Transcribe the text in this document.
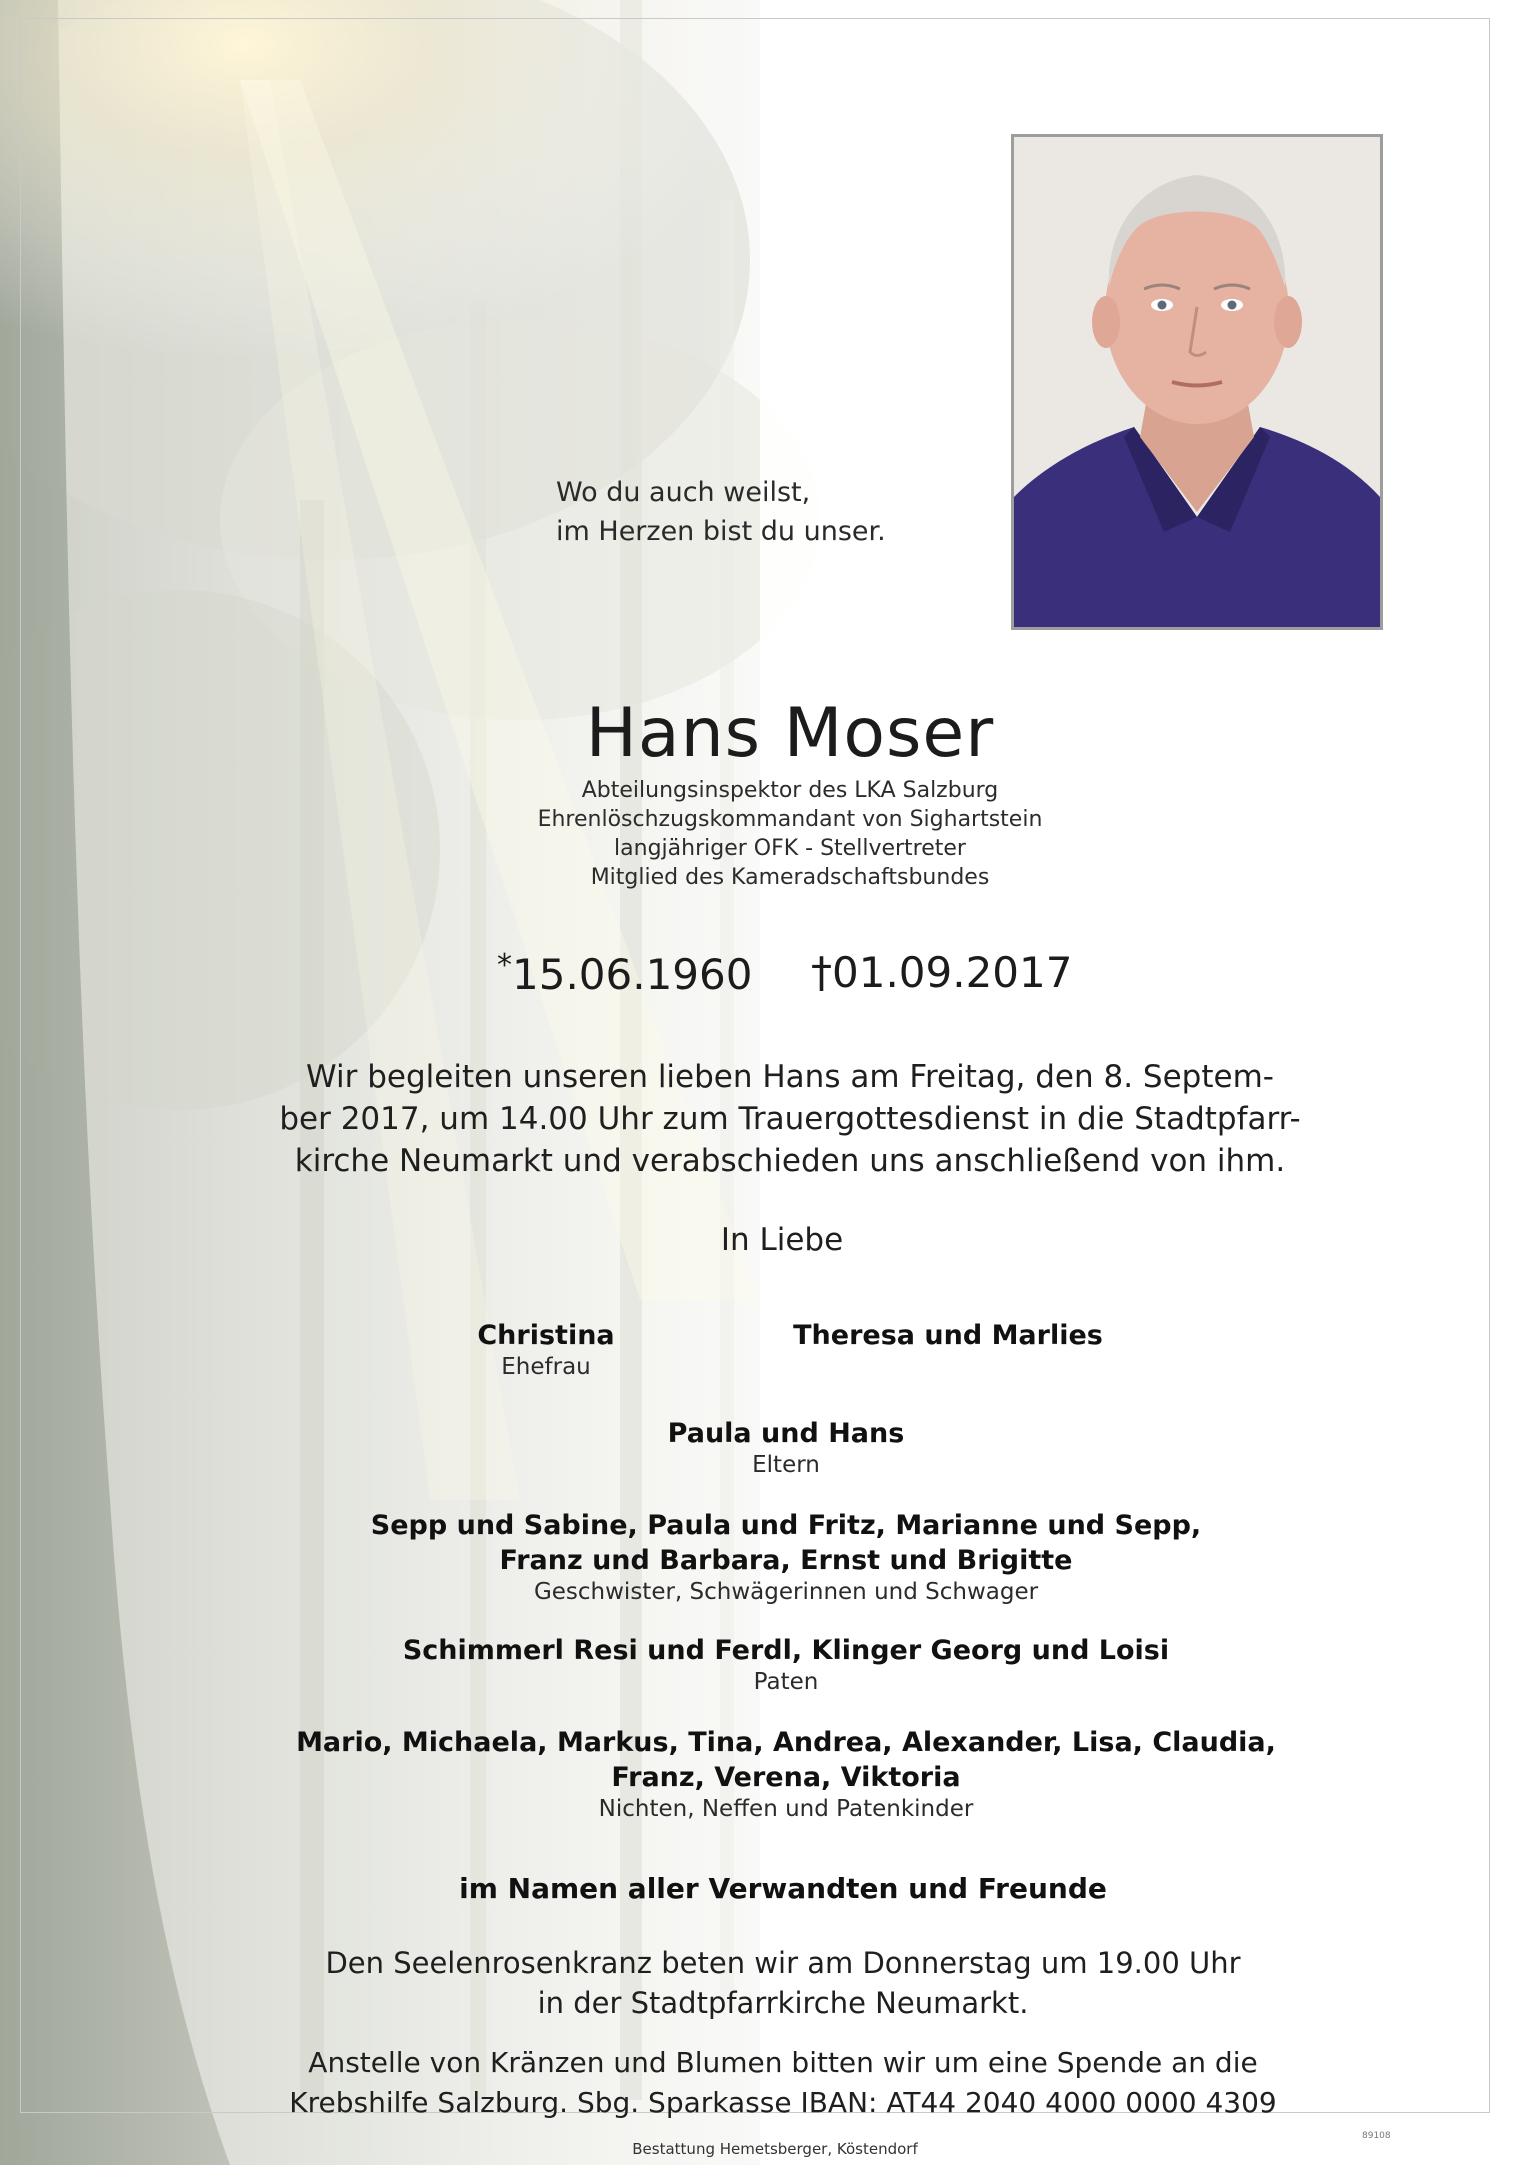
Wo du auch weilst,
im Herzen bist du unser.
Hans Moser
Abteilungsinspektor des LKA Salzburg
Ehrenlöschzugskommandant von Sighartstein
langjähriger OFK - Stellvertreter
Mitglied des Kameradschaftsbundes
*15.06.1960 †01.09.2017
Wir begleiten unseren lieben Hans am Freitag, den 8. Septem-
ber 2017, um 14.00 Uhr zum Trauergottesdienst in die Stadtpfarr-
kirche Neumarkt und verabschieden uns anschließend von ihm.
In Liebe
Christina
Ehefrau
Theresa und Marlies
Paula und Hans
Eltern
Sepp und Sabine, Paula und Fritz, Marianne und Sepp,
Franz und Barbara, Ernst und Brigitte
Geschwister, Schwägerinnen und Schwager
Schimmerl Resi und Ferdl, Klinger Georg und Loisi
Paten
Mario, Michaela, Markus, Tina, Andrea, Alexander, Lisa, Claudia,
Franz, Verena, Viktoria
Nichten, Neffen und Patenkinder
im Namen aller Verwandten und Freunde
Den Seelenrosenkranz beten wir am Donnerstag um 19.00 Uhr
in der Stadtpfarrkirche Neumarkt.
Anstelle von Kränzen und Blumen bitten wir um eine Spende an die
Krebshilfe Salzburg. Sbg. Sparkasse IBAN: AT44 2040 4000 0000 4309
Bestattung Hemetsberger, Köstendorf
89108
